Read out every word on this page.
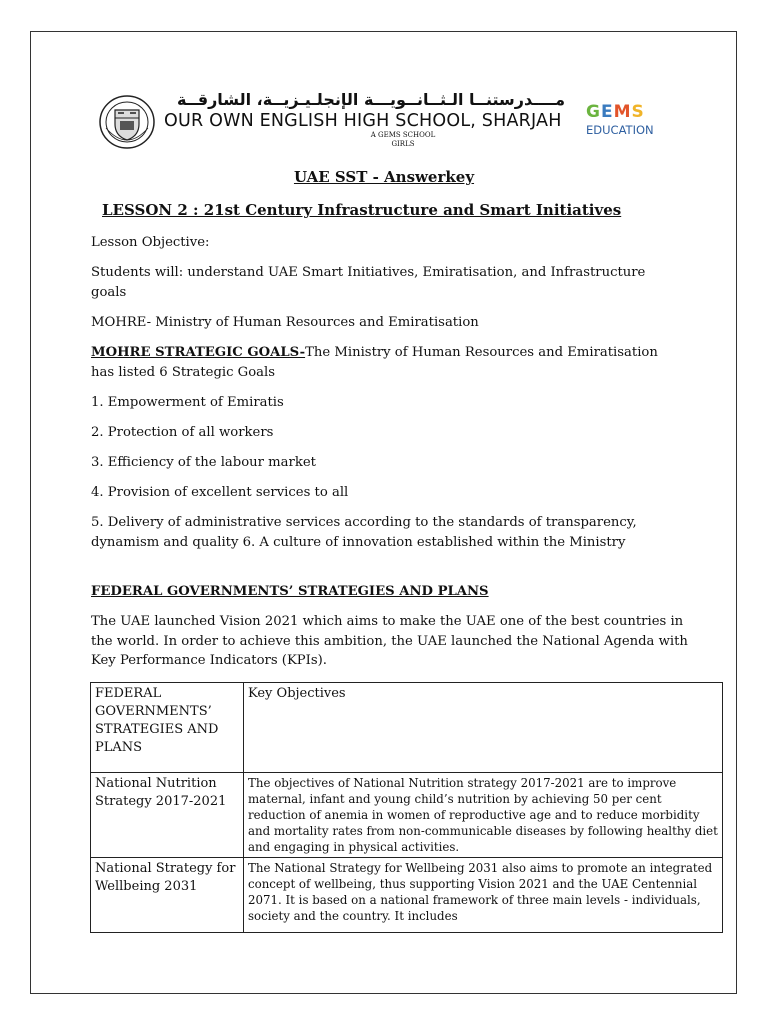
مــــدرستنــا الـثــانــويـــة الإنجلـيـزيــة، الشارقــة
OUR OWN ENGLISH HIGH SCHOOL, SHARJAH
A GEMS SCHOOL
GIRLS
GEMS
EDUCATION
UAE SST - Answerkey
LESSON 2 : 21st Century Infrastructure and Smart Initiatives
Lesson Objective:
Students will: understand UAE Smart Initiatives, Emiratisation, and Infrastructure goals
MOHRE- Ministry of Human Resources and Emiratisation
MOHRE STRATEGIC GOALS-The Ministry of Human Resources and Emiratisation has listed 6 Strategic Goals
1. Empowerment of Emiratis
2. Protection of all workers
3. Efficiency of the labour market
4. Provision of excellent services to all
5. Delivery of administrative services according to the standards of transparency, dynamism and quality 6. A culture of innovation established within the Ministry
FEDERAL GOVERNMENTS’ STRATEGIES AND PLANS
The UAE launched Vision 2021 which aims to make the UAE one of the best countries in the world. In order to achieve this ambition, the UAE launched the National Agenda with Key Performance Indicators (KPIs).
FEDERAL GOVERNMENTS’ STRATEGIES AND PLANS	Key Objectives
National Nutrition Strategy 2017-2021	The objectives of National Nutrition strategy 2017-2021 are to improve maternal, infant and young child’s nutrition by achieving 50 per cent reduction of anemia in women of reproductive age and to reduce morbidity and mortality rates from non-communicable diseases by following healthy diet and engaging in physical activities.
National Strategy for Wellbeing 2031	The National Strategy for Wellbeing 2031 also aims to promote an integrated concept of wellbeing, thus supporting Vision 2021 and the UAE Centennial 2071. It is based on a national framework of three main levels - individuals, society and the country. It includes
